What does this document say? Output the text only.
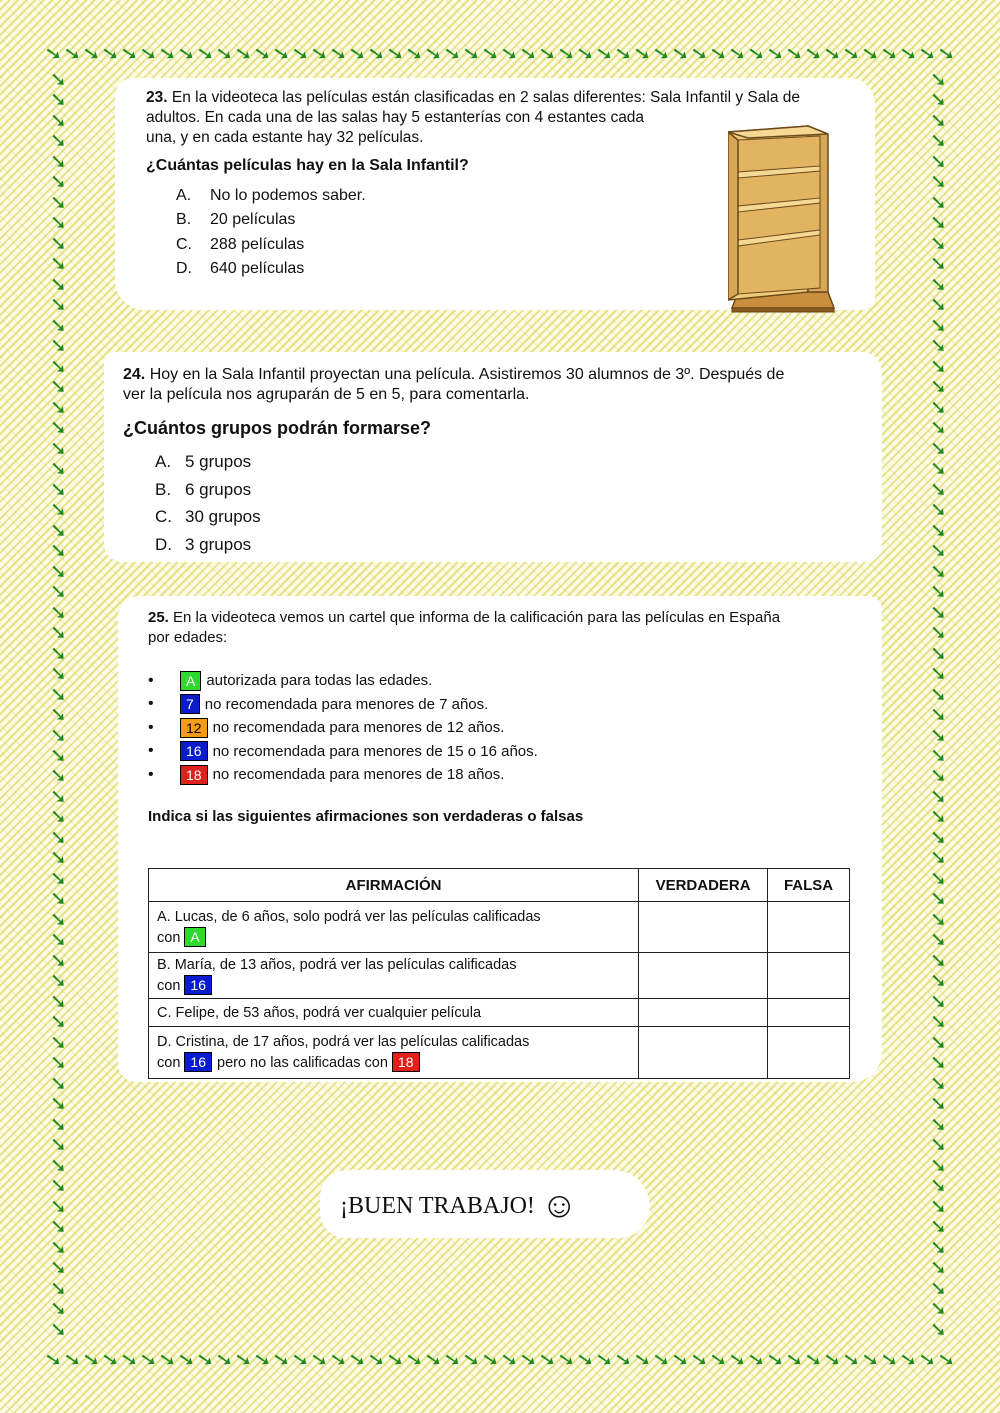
➘
➘
➘
➘
➘
➘
➘
➘
➘
➘
➘
➘
➘
➘
➘
➘
➘
➘
➘
➘
➘
➘
➘
➘
➘
➘
➘
➘
➘
➘
➘
➘
➘
➘
➘
➘
➘
➘
➘
➘
➘
➘
➘
➘
➘
➘
➘
➘
➘
➘
➘
➘
➘
➘
➘
➘
➘
➘
➘
➘
➘
➘
➘
➘
➘
➘
➘
➘
➘
➘
➘
➘
➘
➘
➘
➘
➘
➘
➘
➘
➘
➘
➘
➘
➘
➘
➘
➘
➘
➘
➘
➘
➘
➘
➘
➘
➘
➘
➘
➘
➘
➘
➘
➘
➘
➘
➘
➘
➘
➘
➘
➘
➘
➘
➘
➘
➘
➘
➘
➘
➘
➘
➘
➘
➘
➘
➘
➘
➘
➘
➘
➘
➘
➘
➘
➘
➘
➘
➘
➘
➘
➘
➘
➘
➘
➘
➘
➘
➘
➘
➘
➘
➘
➘
➘
➘
➘
➘
➘
➘
➘
➘
➘
➘
➘
➘
➘
➘
➘
➘
➘
➘
➘
➘
➘
➘
➘
➘
➘
➘
➘
➘
➘
➘
➘
➘
➘
➘
➘
➘
➘
➘
➘
➘
➘
➘
➘
➘
➘
➘
➘
➘
➘
➘
➘
➘
➘
➘
➘
➘
➘
➘
➘
➘
➘
➘
➘
➘
➘
➘
23. En la videoteca las películas están clasificadas en 2 salas diferentes: Sala Infantil y Sala de
adultos. En cada una de las salas hay 5 estanterías con 4 estantes cada
una, y en cada estante hay 32 películas.
¿Cuántas películas hay en la Sala Infantil?
A. No lo podemos saber.
B. 20 películas
C. 288 películas
D. 640 películas
24. Hoy en la Sala Infantil proyectan una película. Asistiremos 30 alumnos de 3º. Después de
ver la película nos agruparán de 5 en 5, para comentarla.
¿Cuántos grupos podrán formarse?
A. 5 grupos
B. 6 grupos
C. 30 grupos
D. 3 grupos
25. En la videoteca vemos un cartel que informa de la calificación para las películas en España
por edades:
•	A autorizada para todas las edades.
•	7 no recomendada para menores de 7 años.
•	12 no recomendada para menores de 12 años.
•	16 no recomendada para menores de 15 o 16 años.
•	18 no recomendada para menores de 18 años.
Indica si las siguientes afirmaciones son verdaderas o falsas
AFIRMACIÓN	VERDADERA	FALSA
A. Lucas, de 6 años, solo podrá ver las películas calificadas
con A		
B. María, de 13 años, podrá ver las películas calificadas
con 16		
C. Felipe, de 53 años, podrá ver cualquier película		
D. Cristina, de 17 años, podrá ver las películas calificadas
con 16 pero no las calificadas con 18		
¡BUEN TRABAJO! ☺
